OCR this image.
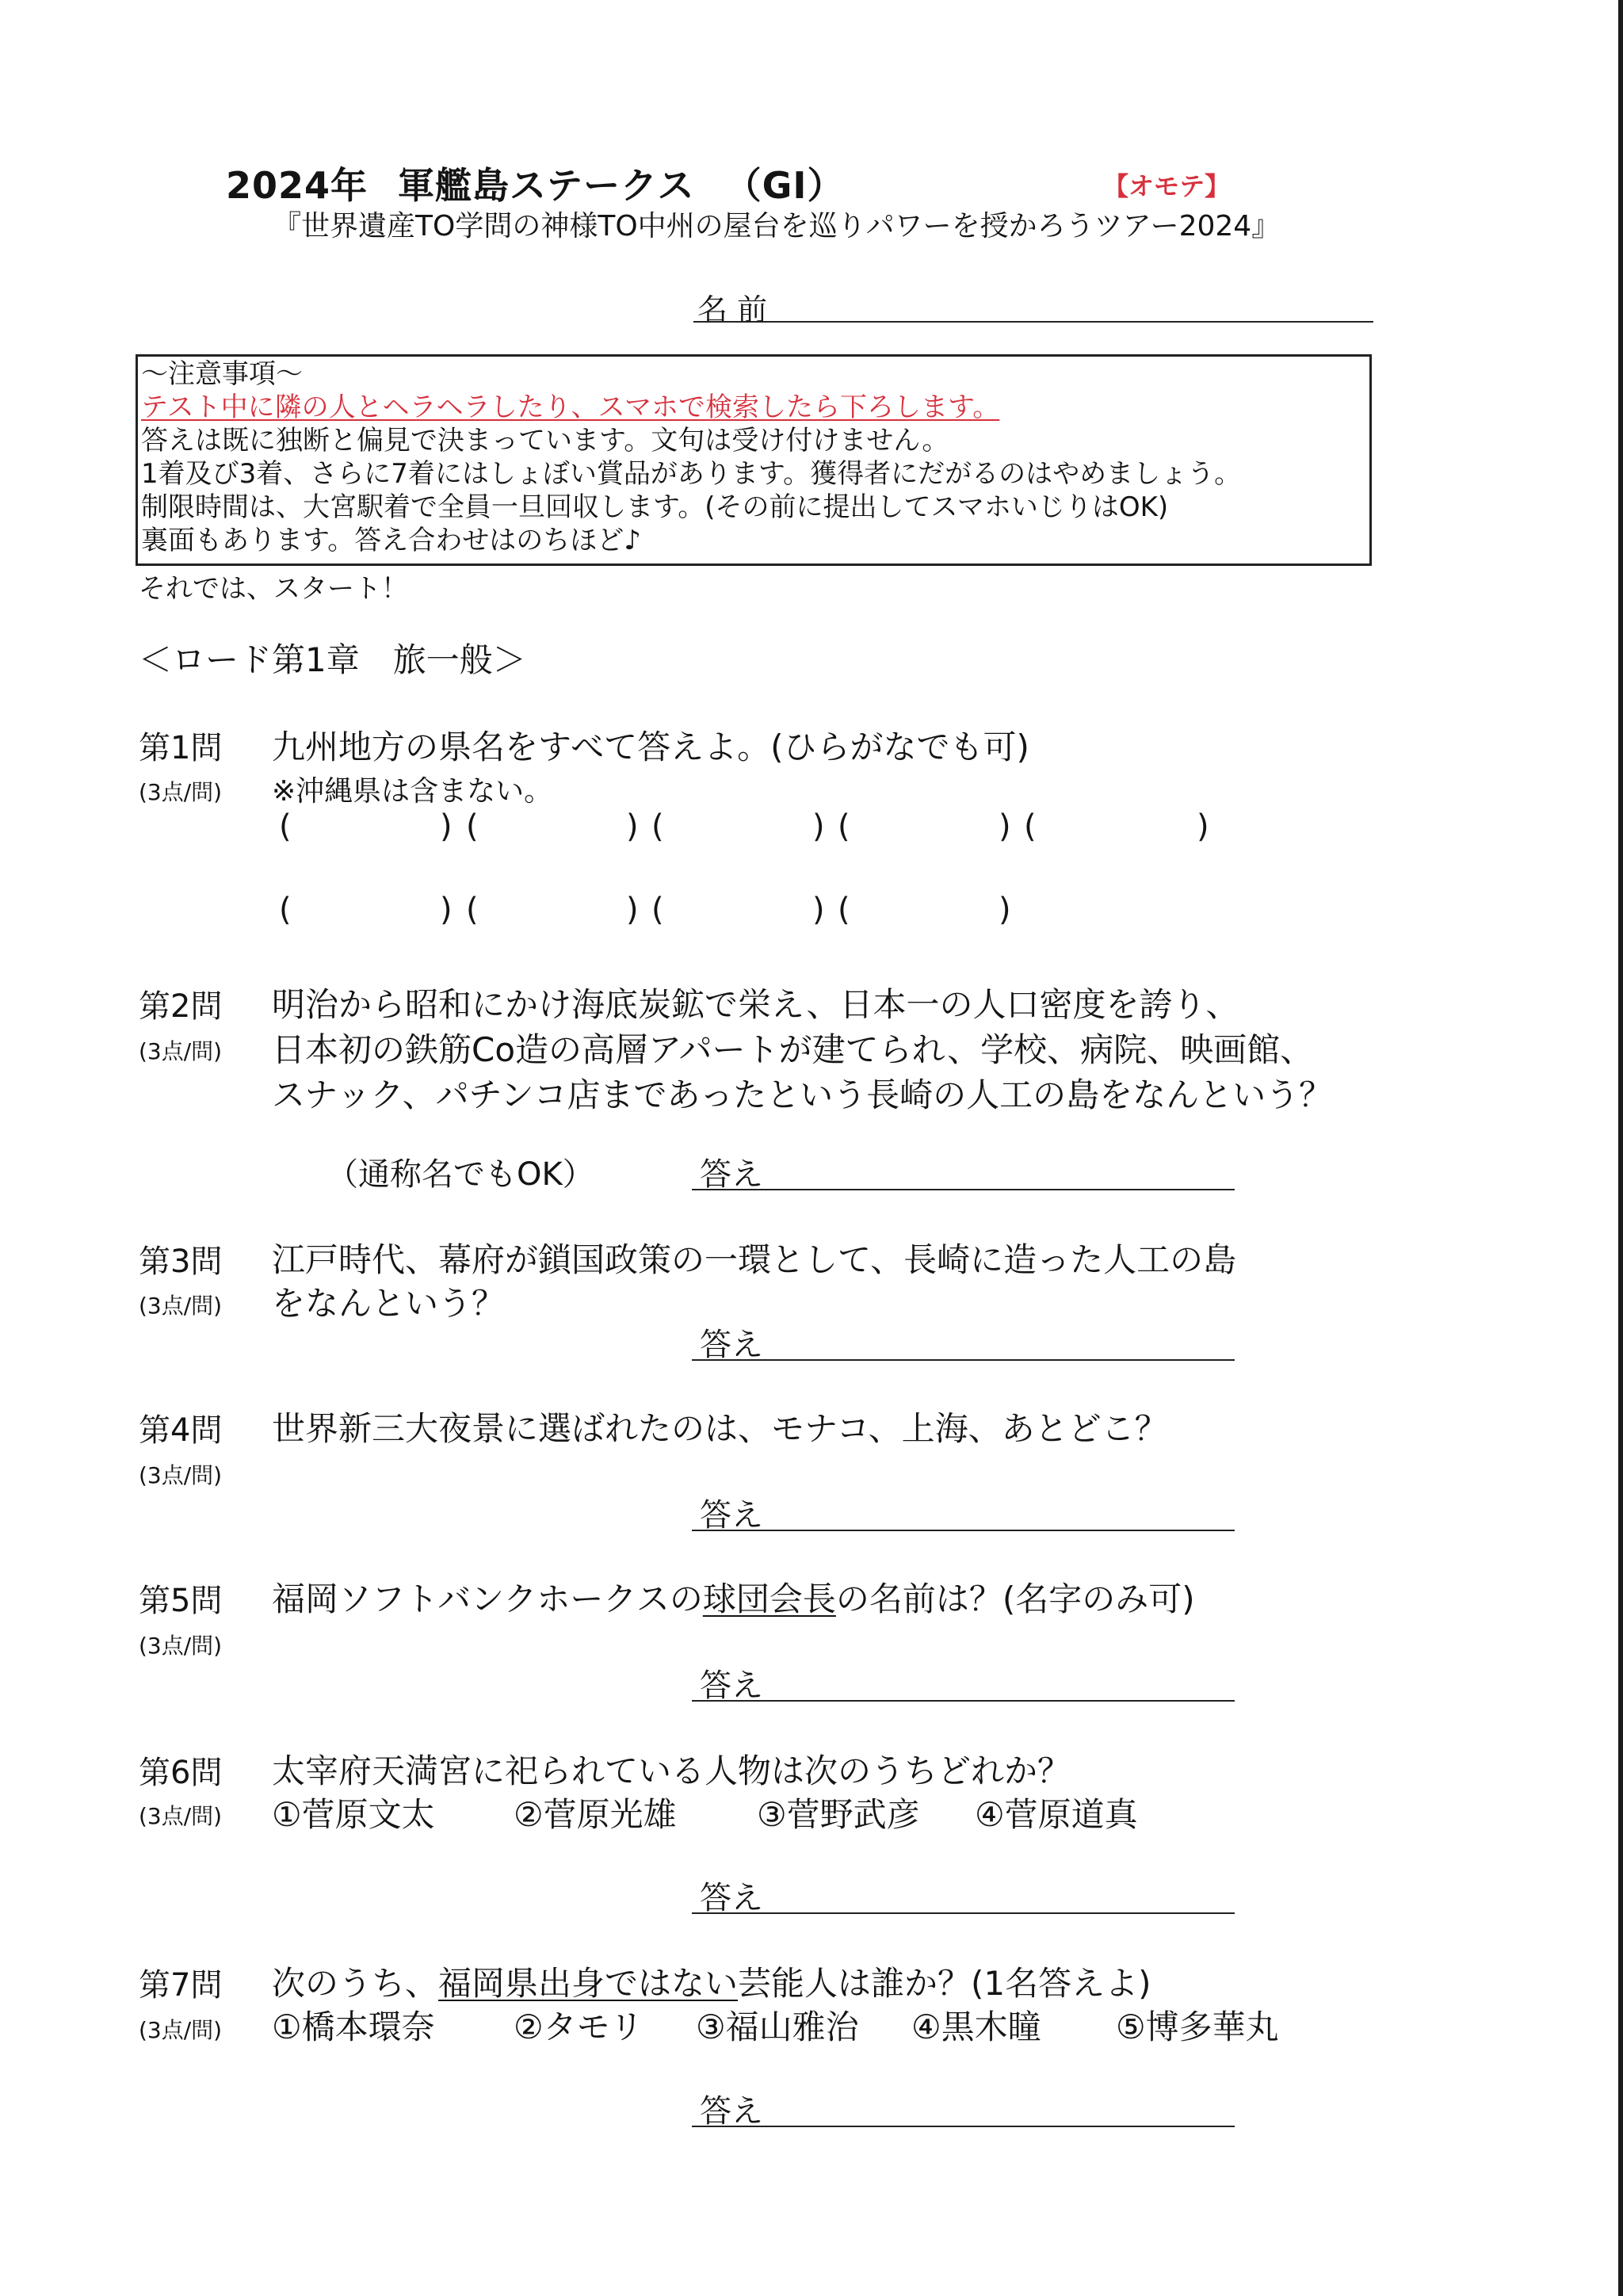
2024年 軍艦島ステークス （GI）	【オモテ】
『世界遺産TO学問の神様TO中州の屋台を巡りパワーを授かろうツアー2024』
名 前
～注意事項～
テスト中に隣の人とヘラヘラしたり、スマホで検索したら下ろします。
答えは既に独断と偏見で決まっています。文句は受け付けません。
1着及び3着、さらに7着にはしょぼい賞品があります。獲得者にだがるのはやめましょう。
制限時間は、大宮駅着で全員一旦回収します。(その前に提出してスマホいじりはOK)
裏面もあります。答え合わせはのちほど♪
それでは、スタート！
＜ロード第1章　旅一般＞
第1問 九州地方の県名をすべて答えよ。(ひらがなでも可)
(3点/問) ※沖縄県は含まない。
(	) (	) (	) (	) (	)
(	) (	) (	) (	)
第2問 明治から昭和にかけ海底炭鉱で栄え、日本一の人口密度を誇り、
(3点/問) 日本初の鉄筋Co造の高層アパートが建てられ、学校、病院、映画館、
スナック、パチンコ店まであったという長崎の人工の島をなんという？
（通称名でもOK）	答え
第3問 江戸時代、幕府が鎖国政策の一環として、長崎に造った人工の島
(3点/問) をなんという？
答え
第4問 世界新三大夜景に選ばれたのは、モナコ、上海、あとどこ？
(3点/問)
答え
第5問 福岡ソフトバンクホークスの球団会長の名前は？(名字のみ可)
(3点/問)
答え
第6問 太宰府天満宮に祀られている人物は次のうちどれか？
(3点/問) ①菅原文太 ②菅原光雄 ③菅野武彦 ④菅原道真
答え
第7問 次のうち、福岡県出身ではない芸能人は誰か？(1名答えよ)
(3点/問) ①橋本環奈 ②タモリ ③福山雅治 ④黒木瞳 ⑤博多華丸
答え
